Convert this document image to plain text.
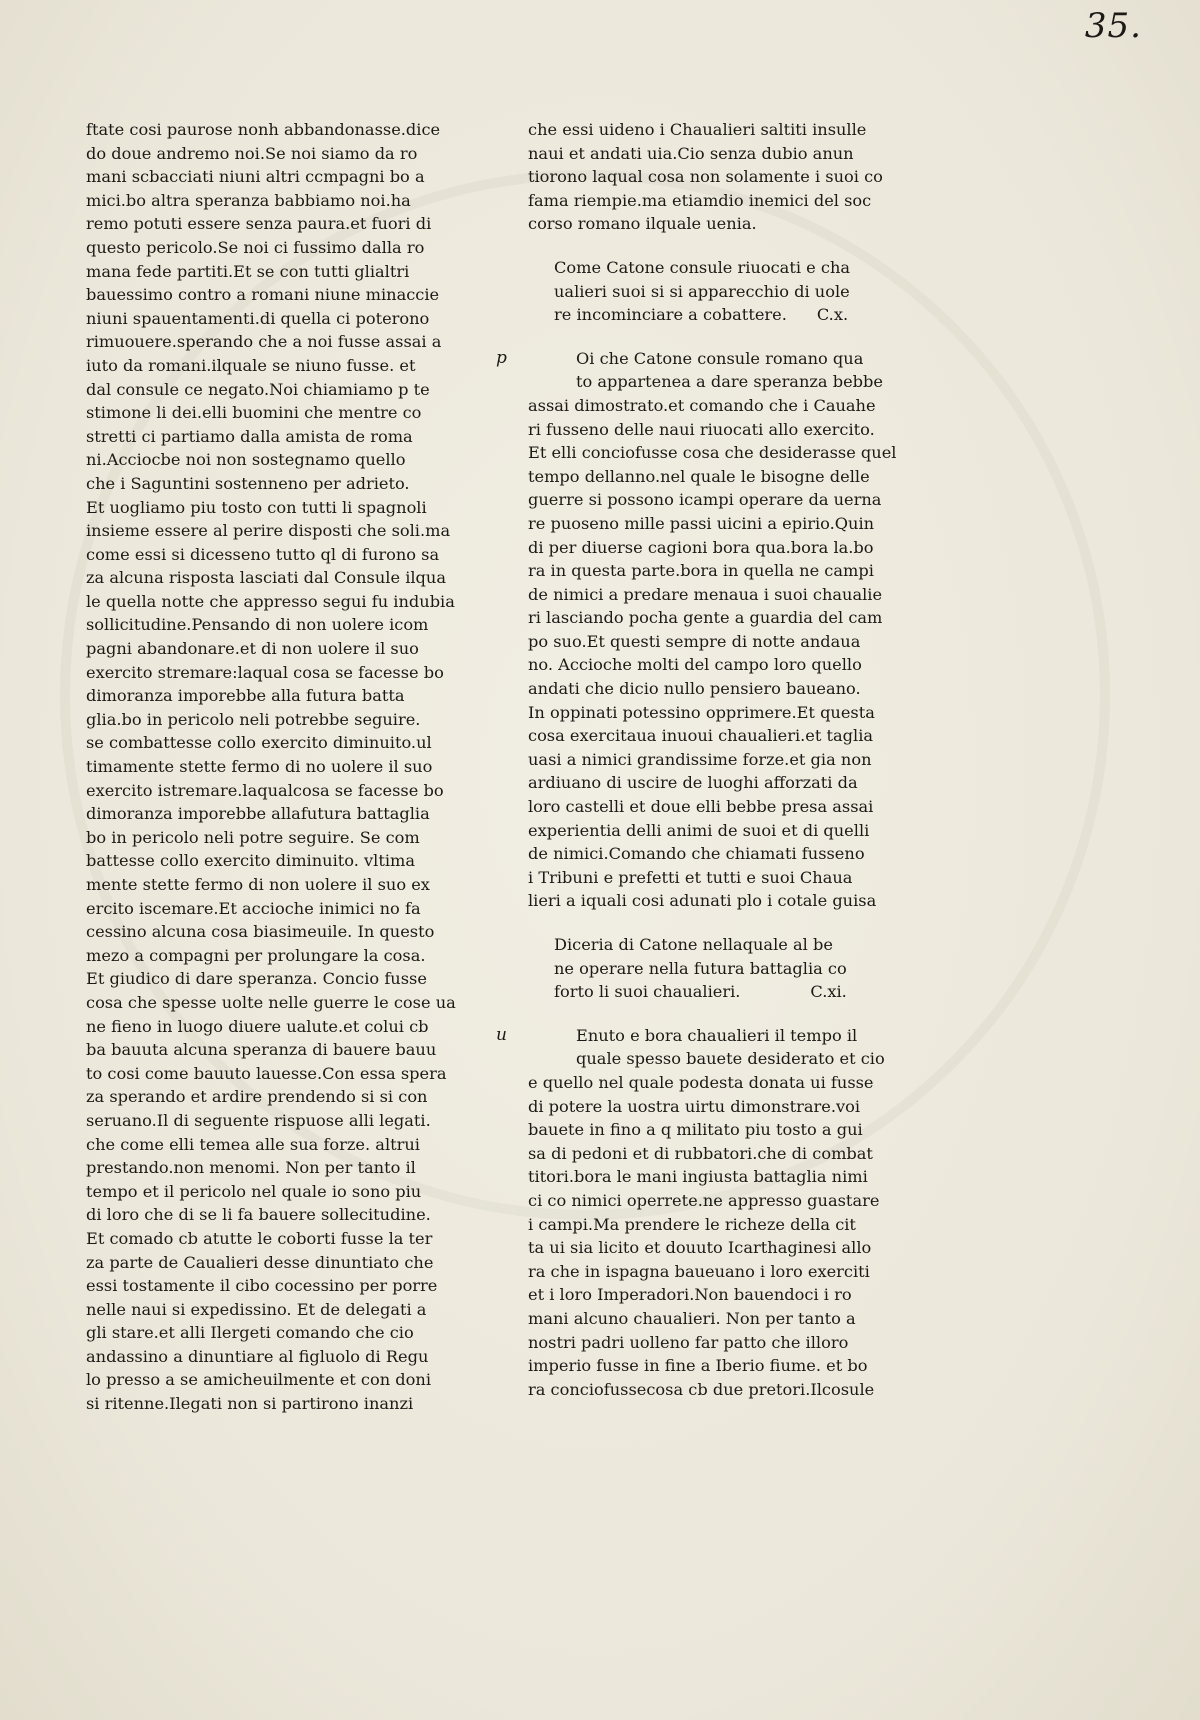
35.
ftate cosi paurose nonh abbandonasse.dice
do doue andremo noi.Se noi siamo da ro
mani scbacciati niuni altri ccmpagni bo a
mici.bo altra speranza babbiamo noi.ha
remo potuti essere senza paura.et fuori di
questo pericolo.Se noi ci fussimo dalla ro
mana fede partiti.Et se con tutti glialtri
bauessimo contro a romani niune minaccie
niuni spauentamenti.di quella ci poterono
rimuouere.sperando che a noi fusse assai a
iuto da romani.ilquale se niuno fusse. et
dal consule ce negato.Noi chiamiamo p te
stimone li dei.elli buomini che mentre co
stretti ci partiamo dalla amista de roma
ni.Acciocbe noi non sostegnamo quello
che i Saguntini sostenneno per adrieto.
Et uogliamo piu tosto con tutti li spagnoli
insieme essere al perire disposti che soli.ma
come essi si dicesseno tutto ql di furono sa
za alcuna risposta lasciati dal Consule ilqua
le quella notte che appresso segui fu indubia
sollicitudine.Pensando di non uolere icom
pagni abandonare.et di non uolere il suo
exercito stremare:laqual cosa se facesse bo
dimoranza imporebbe alla futura batta
glia.bo in pericolo neli potrebbe seguire.
se combattesse collo exercito diminuito.ul
timamente stette fermo di no uolere il suo
exercito istremare.laqualcosa se facesse bo
dimoranza imporebbe allafutura battaglia
bo in pericolo neli potre seguire. Se com
battesse collo exercito diminuito. vltima
mente stette fermo di non uolere il suo ex
ercito iscemare.Et accioche inimici no fa
cessino alcuna cosa biasimeuile. In questo
mezo a compagni per prolungare la cosa.
Et giudico di dare speranza. Concio fusse
cosa che spesse uolte nelle guerre le cose ua
ne fieno in luogo diuere ualute.et colui cb
ba bauuta alcuna speranza di bauere bauu
to cosi come bauuto lauesse.Con essa spera
za sperando et ardire prendendo si si con
seruano.Il di seguente rispuose alli legati.
che come elli temea alle sua forze. altrui
prestando.non menomi. Non per tanto il
tempo et il pericolo nel quale io sono piu
di loro che di se li fa bauere sollecitudine.
Et comado cb atutte le coborti fusse la ter
za parte de Caualieri desse dinuntiato che
essi tostamente il cibo cocessino per porre
nelle naui si expedissino. Et de delegati a
gli stare.et alli Ilergeti comando che cio
andassino a dinuntiare al figluolo di Regu
lo presso a se amicheuilmente et con doni
si ritenne.Ilegati non si partirono inanzi
che essi uideno i Chaualieri saltiti insulle
naui et andati uia.Cio senza dubio anun
tiorono laqual cosa non solamente i suoi co
fama riempie.ma etiamdio inemici del soc
corso romano ilquale uenia.
Come Catone consule riuocati e cha
ualieri suoi si si apparecchio di uole
re incominciare a cobattere. C.x.
p	Oi che Catone consule romano qua
to appartenea a dare speranza bebbe
assai dimostrato.et comando che i Cauahe
ri fusseno delle naui riuocati allo exercito.
Et elli conciofusse cosa che desiderasse quel
tempo dellanno.nel quale le bisogne delle
guerre si possono icampi operare da uerna
re puoseno mille passi uicini a epirio.Quin
di per diuerse cagioni bora qua.bora la.bo
ra in questa parte.bora in quella ne campi
de nimici a predare menaua i suoi chaualie
ri lasciando pocha gente a guardia del cam
po suo.Et questi sempre di notte andaua
no. Accioche molti del campo loro quello
andati che dicio nullo pensiero baueano.
In oppinati potessino opprimere.Et questa
cosa exercitaua inuoui chaualieri.et taglia
uasi a nimici grandissime forze.et gia non
ardiuano di uscire de luoghi afforzati da
loro castelli et doue elli bebbe presa assai
experientia delli animi de suoi et di quelli
de nimici.Comando che chiamati fusseno
i Tribuni e prefetti et tutti e suoi Chaua
lieri a iquali cosi adunati plo i cotale guisa
Diceria di Catone nellaquale al be
ne operare nella futura battaglia co
forto li suoi chaualieri.	C.xi.
u	Enuto e bora chaualieri il tempo il
quale spesso bauete desiderato et cio
e quello nel quale podesta donata ui fusse
di potere la uostra uirtu dimonstrare.voi
bauete in fino a q militato piu tosto a gui
sa di pedoni et di rubbatori.che di combat
titori.bora le mani ingiusta battaglia nimi
ci co nimici operrete.ne appresso guastare
i campi.Ma prendere le richeze della cit
ta ui sia licito et douuto Icarthaginesi allo
ra che in ispagna baueuano i loro exerciti
et i loro Imperadori.Non bauendoci i ro
mani alcuno chaualieri. Non per tanto a
nostri padri uolleno far patto che illoro
imperio fusse in fine a Iberio fiume. et bo
ra conciofussecosa cb due pretori.Ilcosule
